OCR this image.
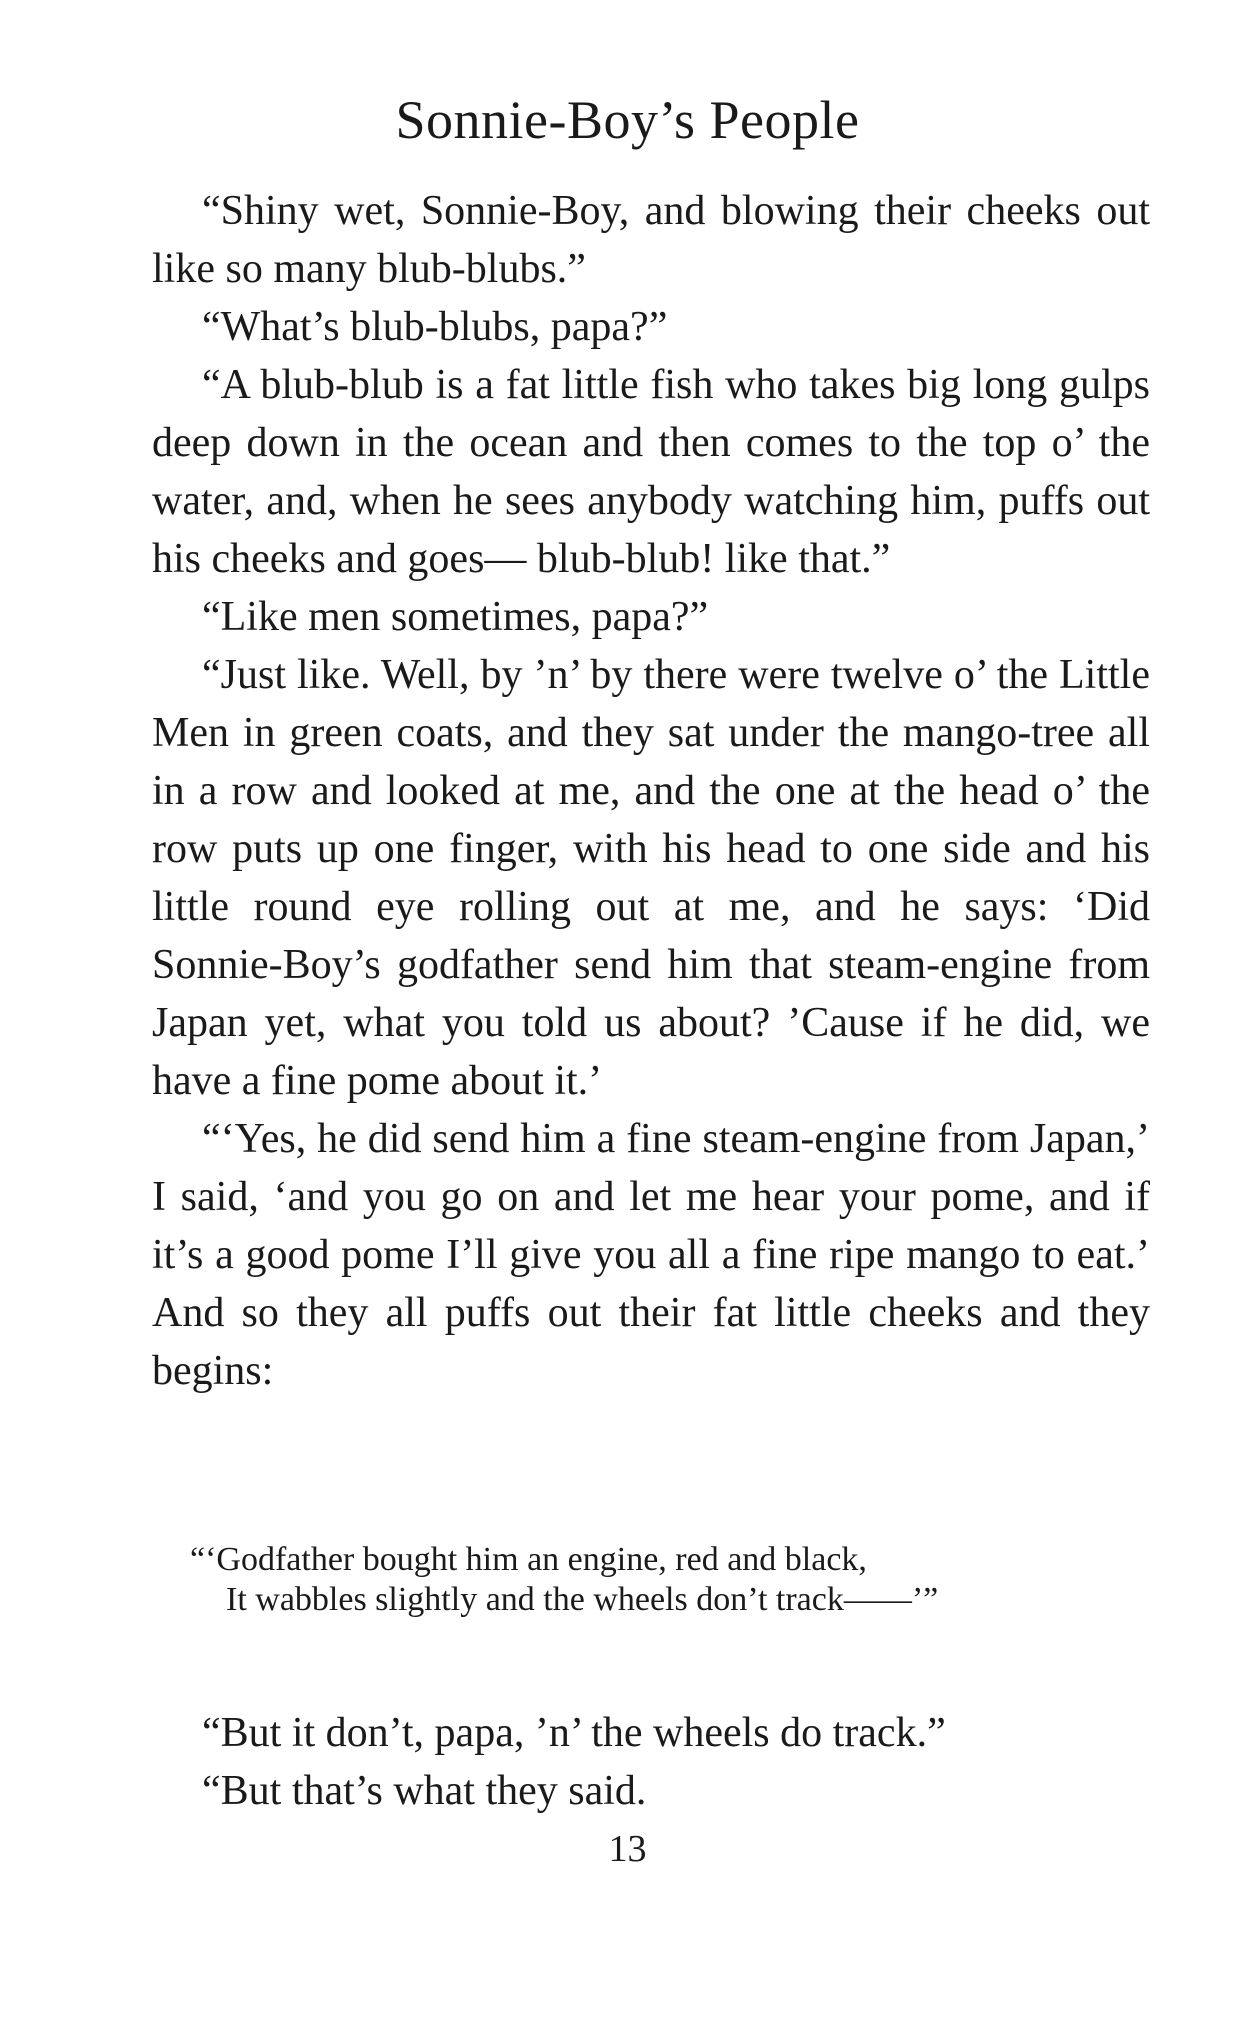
Sonnie-Boy’s People

“Shiny wet, Sonnie-Boy, and blowing their cheeks out like so many blub-blubs.”

“What’s blub-blubs, papa?”

“A blub-blub is a fat little fish who takes big long gulps deep down in the ocean and then comes to the top o’ the water, and, when he sees anybody watching him, puffs out his cheeks and goes— blub-blub! like that.”

“Like men sometimes, papa?”

“Just like. Well, by ’n’ by there were twelve o’ the Little Men in green coats, and they sat under the mango-tree all in a row and looked at me, and the one at the head o’ the row puts up one finger, with his head to one side and his little round eye rolling out at me, and he says: ‘Did Sonnie-Boy’s godfather send him that steam-engine from Japan yet, what you told us about? ’Cause if he did, we have a fine pome about it.’

“‘Yes, he did send him a fine steam-engine from Japan,’ I said, ‘and you go on and let me hear your pome, and if it’s a good pome I’ll give you all a fine ripe mango to eat.’ And so they all puffs out their fat little cheeks and they begins:

“‘Godfather bought him an engine, red and black,
It wabbles slightly and the wheels don’t track——’”

“But it don’t, papa, ’n’ the wheels do track.”

“But that’s what they said.

13
